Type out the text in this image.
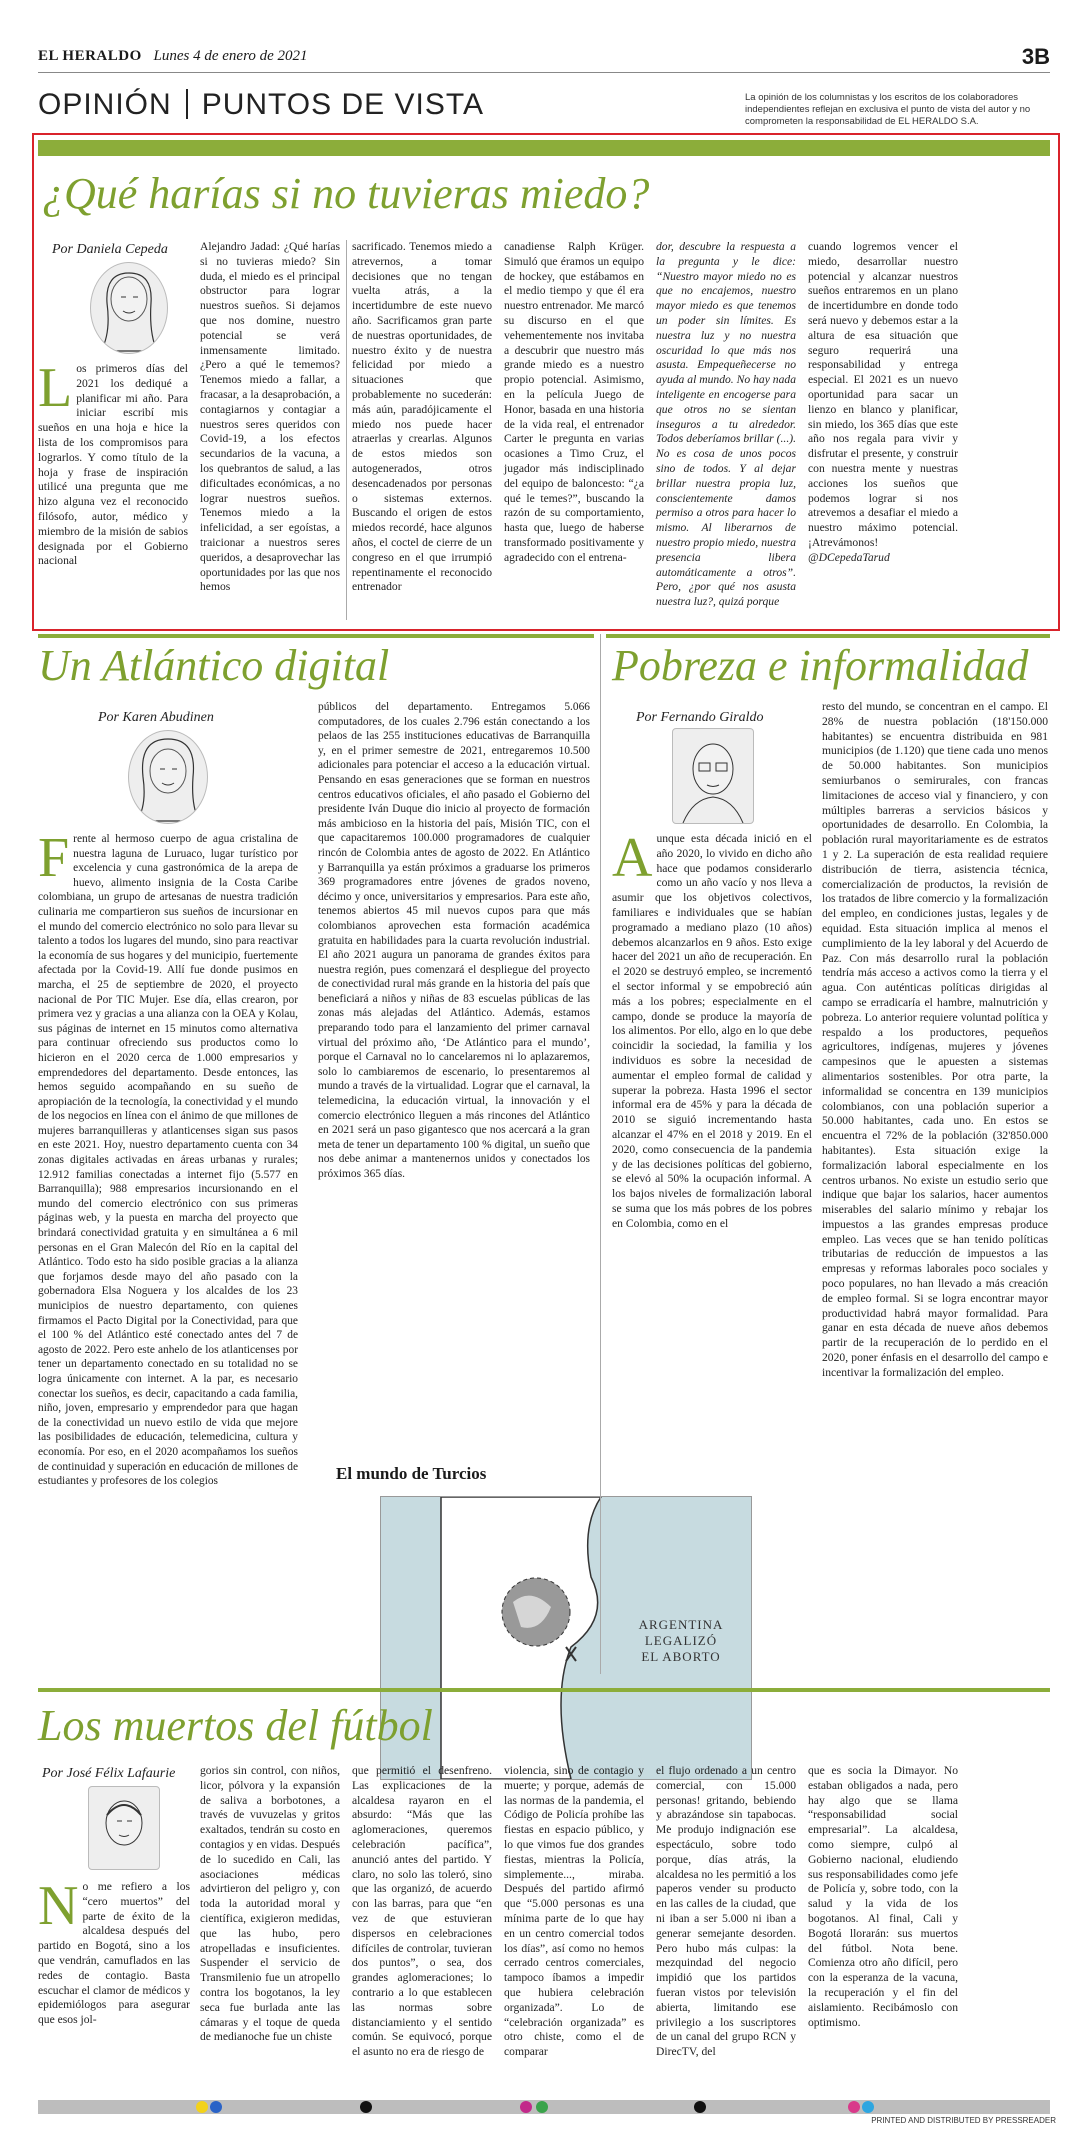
EL HERALDO Lunes 4 de enero de 2021	3B
OPINIÓN PUNTOS DE VISTA	La opinión de los columnistas y los escritos de los colaboradores independientes reflejan en exclusiva el punto de vista del autor y no comprometen la responsabilidad de EL HERALDO S.A.
¿Qué harías si no tuvieras miedo?
Por Daniela Cepeda
Los primeros días del 2021 los dediqué a planificar mi año. Para iniciar escribí mis sueños en una hoja e hice la lista de los compromisos para lograrlos. Y como título de la hoja y frase de inspiración utilicé una pregunta que me hizo alguna vez el reconocido filósofo, autor, médico y miembro de la misión de sabios designada por el Gobierno nacional
Alejandro Jadad: ¿Qué harías si no tuvieras miedo? Sin duda, el miedo es el principal obstructor para lograr nuestros sueños. Si dejamos que nos domine, nuestro potencial se verá inmensamente limitado. ¿Pero a qué le tememos? Tenemos miedo a fallar, a fracasar, a la desaprobación, a contagiarnos y contagiar a nuestros seres queridos con Covid-19, a los efectos secundarios de la vacuna, a los quebrantos de salud, a las dificultades económicas, a no lograr nuestros sueños. Tenemos miedo a la infelicidad, a ser egoístas, a traicionar a nuestros seres queridos, a desaprovechar las oportunidades por las que nos hemos
sacrificado. Tenemos miedo a atrevernos, a tomar decisiones que no tengan vuelta atrás, a la incertidumbre de este nuevo año. Sacrificamos gran parte de nuestras oportunidades, de nuestro éxito y de nuestra felicidad por miedo a situaciones que probablemente no sucederán: más aún, paradójicamente el miedo nos puede hacer atraerlas y crearlas. Algunos de estos miedos son autogenerados, otros desencadenados por personas o sistemas externos. Buscando el origen de estos miedos recordé, hace algunos años, el coctel de cierre de un congreso en el que irrumpió repentinamente el reconocido entrenador
canadiense Ralph Krüger. Simuló que éramos un equipo de hockey, que estábamos en el medio tiempo y que él era nuestro entrenador. Me marcó su discurso en el que vehementemente nos invitaba a descubrir que nuestro más grande miedo es a nuestro propio potencial. Asimismo, en la película Juego de Honor, basada en una historia de la vida real, el entrenador Carter le pregunta en varias ocasiones a Timo Cruz, el jugador más indisciplinado del equipo de baloncesto: “¿a qué le temes?”, buscando la razón de su comportamiento, hasta que, luego de haberse transformado positivamente y agradecido con el entrena-
dor, descubre la respuesta a la pregunta y le dice: “Nuestro mayor miedo no es que no encajemos, nuestro mayor miedo es que tenemos un poder sin límites. Es nuestra luz y no nuestra oscuridad lo que más nos asusta. Empequeñecerse no ayuda al mundo. No hay nada inteligente en encogerse para que otros no se sientan inseguros a tu alrededor. Todos deberíamos brillar (...). No es cosa de unos pocos sino de todos. Y al dejar brillar nuestra propia luz, conscientemente damos permiso a otros para hacer lo mismo. Al liberarnos de nuestro propio miedo, nuestra presencia libera automáticamente a otros”. Pero, ¿por qué nos asusta nuestra luz?, quizá porque
cuando logremos vencer el miedo, desarrollar nuestro potencial y alcanzar nuestros sueños entraremos en un plano de incertidumbre en donde todo será nuevo y debemos estar a la altura de esa situación que seguro requerirá una responsabilidad y entrega especial. El 2021 es un nuevo oportunidad para sacar un lienzo en blanco y planificar, sin miedo, los 365 días que este año nos regala para vivir y disfrutar el presente, y construir con nuestra mente y nuestras acciones los sueños que podemos lograr si nos atrevemos a desafiar el miedo a nuestro máximo potencial. ¡Atrevámonos!
@DCepedaTarud
Un Atlántico digital
Por Karen Abudinen
Frente al hermoso cuerpo de agua cristalina de nuestra laguna de Luruaco, lugar turístico por excelencia y cuna gastronómica de la arepa de huevo, alimento insignia de la Costa Caribe colombiana, un grupo de artesanas de nuestra tradición culinaria me compartieron sus sueños de incursionar en el mundo del comercio electrónico no solo para llevar su talento a todos los lugares del mundo, sino para reactivar la economía de sus hogares y del municipio, fuertemente afectada por la Covid-19. Allí fue donde pusimos en marcha, el 25 de septiembre de 2020, el proyecto nacional de Por TIC Mujer. Ese día, ellas crearon, por primera vez y gracias a una alianza con la OEA y Kolau, sus páginas de internet en 15 minutos como alternativa para continuar ofreciendo sus productos como lo hicieron en el 2020 cerca de 1.000 empresarios y emprendedores del departamento. Desde entonces, las hemos seguido acompañando en su sueño de apropiación de la tecnología, la conectividad y el mundo de los negocios en línea con el ánimo de que millones de mujeres barranquilleras y atlanticenses sigan sus pasos en este 2021. Hoy, nuestro departamento cuenta con 34 zonas digitales activadas en áreas urbanas y rurales; 12.912 familias conectadas a internet fijo (5.577 en Barranquilla); 988 empresarios incursionando en el mundo del comercio electrónico con sus primeras páginas web, y la puesta en marcha del proyecto que brindará conectividad gratuita y en simultánea a 6 mil personas en el Gran Malecón del Río en la capital del Atlántico. Todo esto ha sido posible gracias a la alianza que forjamos desde mayo del año pasado con la gobernadora Elsa Noguera y los alcaldes de los 23 municipios de nuestro departamento, con quienes firmamos el Pacto Digital por la Conectividad, para que el 100 % del Atlántico esté conectado antes del 7 de agosto de 2022. Pero este anhelo de los atlanticenses por tener un departamento conectado en su totalidad no se logra únicamente con internet. A la par, es necesario conectar los sueños, es decir, capacitando a cada familia, niño, joven, empresario y emprendedor para que hagan de la conectividad un nuevo estilo de vida que mejore las posibilidades de educación, telemedicina, cultura y economía. Por eso, en el 2020 acompañamos los sueños de continuidad y superación en educación de millones de estudiantes y profesores de los colegios
públicos del departamento. Entregamos 5.066 computadores, de los cuales 2.796 están conectando a los pelaos de las 255 instituciones educativas de Barranquilla y, en el primer semestre de 2021, entregaremos 10.500 adicionales para potenciar el acceso a la educación virtual. Pensando en esas generaciones que se forman en nuestros centros educativos oficiales, el año pasado el Gobierno del presidente Iván Duque dio inicio al proyecto de formación más ambicioso en la historia del país, Misión TIC, con el que capacitaremos 100.000 programadores de cualquier rincón de Colombia antes de agosto de 2022. En Atlántico y Barranquilla ya están próximos a graduarse los primeros 369 programadores entre jóvenes de grados noveno, décimo y once, universitarios y empresarios. Para este año, tenemos abiertos 45 mil nuevos cupos para que más colombianos aprovechen esta formación académica gratuita en habilidades para la cuarta revolución industrial. El año 2021 augura un panorama de grandes éxitos para nuestra región, pues comenzará el despliegue del proyecto de conectividad rural más grande en la historia del país que beneficiará a niños y niñas de 83 escuelas públicas de las zonas más alejadas del Atlántico. Además, estamos preparando todo para el lanzamiento del primer carnaval virtual del próximo año, ‘De Atlántico para el mundo’, porque el Carnaval no lo cancelaremos ni lo aplazaremos, solo lo cambiaremos de escenario, lo presentaremos al mundo a través de la virtualidad. Lograr que el carnaval, la telemedicina, la educación virtual, la innovación y el comercio electrónico lleguen a más rincones del Atlántico en 2021 será un paso gigantesco que nos acercará a la gran meta de tener un departamento 100 % digital, un sueño que nos debe animar a mantenernos unidos y conectados los próximos 365 días.
El mundo de Turcios
ARGENTINA
LEGALIZÓ
EL ABORTO
Pobreza e informalidad
Por Fernando Giraldo
Aunque esta década inició en el año 2020, lo vivido en dicho año hace que podamos considerarlo como un año vacío y nos lleva a asumir que los objetivos colectivos, familiares e individuales que se habían programado a mediano plazo (10 años) debemos alcanzarlos en 9 años. Esto exige hacer del 2021 un año de recuperación. En el 2020 se destruyó empleo, se incrementó el sector informal y se empobreció aún más a los pobres; especialmente en el campo, donde se produce la mayoría de los alimentos. Por ello, algo en lo que debe coincidir la sociedad, la familia y los individuos es sobre la necesidad de aumentar el empleo formal de calidad y superar la pobreza. Hasta 1996 el sector informal era de 45% y para la década de 2010 se siguió incrementando hasta alcanzar el 47% en el 2018 y 2019. En el 2020, como consecuencia de la pandemia y de las decisiones políticas del gobierno, se elevó al 50% la ocupación informal. A los bajos niveles de formalización laboral se suma que los más pobres de los pobres en Colombia, como en el
resto del mundo, se concentran en el campo. El 28% de nuestra población (18'150.000 habitantes) se encuentra distribuida en 981 municipios (de 1.120) que tiene cada uno menos de 50.000 habitantes. Son municipios semiurbanos o semirurales, con francas limitaciones de acceso vial y financiero, y con múltiples barreras a servicios básicos y oportunidades de desarrollo. En Colombia, la población rural mayoritariamente es de estratos 1 y 2. La superación de esta realidad requiere distribución de tierra, asistencia técnica, comercialización de productos, la revisión de los tratados de libre comercio y la formalización del empleo, en condiciones justas, legales y de equidad. Esta situación implica al menos el cumplimiento de la ley laboral y del Acuerdo de Paz. Con más desarrollo rural la población tendría más acceso a activos como la tierra y el agua. Con auténticas políticas dirigidas al campo se erradicaría el hambre, malnutrición y pobreza. Lo anterior requiere voluntad política y respaldo a los productores, pequeños agricultores, indígenas, mujeres y jóvenes campesinos que le apuesten a sistemas alimentarios sostenibles. Por otra parte, la informalidad se concentra en 139 municipios colombianos, con una población superior a 50.000 habitantes, cada uno. En estos se encuentra el 72% de la población (32'850.000 habitantes). Esta situación exige la formalización laboral especialmente en los centros urbanos. No existe un estudio serio que indique que bajar los salarios, hacer aumentos miserables del salario mínimo y rebajar los impuestos a las grandes empresas produce empleo. Las veces que se han tenido políticas tributarias de reducción de impuestos a las empresas y reformas laborales poco sociales y poco populares, no han llevado a más creación de empleo formal. Si se logra encontrar mayor productividad habrá mayor formalidad. Para ganar en esta década de nueve años debemos partir de la recuperación de lo perdido en el 2020, poner énfasis en el desarrollo del campo e incentivar la formalización del empleo.
Los muertos del fútbol
Por José Félix Lafaurie
No me refiero a los “cero muertos” del parte de éxito de la alcaldesa después del partido en Bogotá, sino a los que vendrán, camuflados en las redes de contagio. Basta escuchar el clamor de médicos y epidemiólogos para asegurar que esos jol-
gorios sin control, con niños, licor, pólvora y la expansión de saliva a borbotones, a través de vuvuzelas y gritos exaltados, tendrán su costo en contagios y en vidas. Después de lo sucedido en Cali, las asociaciones médicas advirtieron del peligro y, con toda la autoridad moral y científica, exigieron medidas, que las hubo, pero atropelladas e insuficientes. Suspender el servicio de Transmilenio fue un atropello contra los bogotanos, la ley seca fue burlada ante las cámaras y el toque de queda de medianoche fue un chiste
que permitió el desenfreno. Las explicaciones de la alcaldesa rayaron en el absurdo: “Más que las aglomeraciones, queremos celebración pacífica”, anunció antes del partido. Y claro, no solo las toleró, sino que las organizó, de acuerdo con las barras, para que “en vez de que estuvieran dispersos en celebraciones difíciles de controlar, tuvieran dos puntos”, o sea, dos grandes aglomeraciones; lo contrario a lo que establecen las normas sobre distanciamiento y el sentido común. Se equivocó, porque el asunto no era de riesgo de
violencia, sino de contagio y muerte; y porque, además de las normas de la pandemia, el Código de Policía prohíbe las fiestas en espacio público, y lo que vimos fue dos grandes fiestas, mientras la Policía, simplemente..., miraba. Después del partido afirmó que “5.000 personas es una mínima parte de lo que hay en un centro comercial todos los días”, así como no hemos cerrado centros comerciales, tampoco íbamos a impedir que hubiera celebración organizada”. Lo de “celebración organizada” es otro chiste, como el de comparar
el flujo ordenado a un centro comercial, con 15.000 personas! gritando, bebiendo y abrazándose sin tapabocas. Me produjo indignación ese espectáculo, sobre todo porque, días atrás, la alcaldesa no les permitió a los paperos vender su producto en las calles de la ciudad, que ni iban a ser 5.000 ni iban a generar semejante desorden. Pero hubo más culpas: la mezquindad del negocio impidió que los partidos fueran vistos por televisión abierta, limitando ese privilegio a los suscriptores de un canal del grupo RCN y DirecTV, del
que es socia la Dimayor. No estaban obligados a nada, pero hay algo que se llama “responsabilidad social empresarial”. La alcaldesa, como siempre, culpó al Gobierno nacional, eludiendo sus responsabilidades como jefe de Policía y, sobre todo, con la salud y la vida de los bogotanos. Al final, Cali y Bogotá llorarán: sus muertos del fútbol. Nota bene. Comienza otro año difícil, pero con la esperanza de la vacuna, la recuperación y el fin del aislamiento. Recibámoslo con optimismo.
PRINTED AND DISTRIBUTED BY PRESSREADER
